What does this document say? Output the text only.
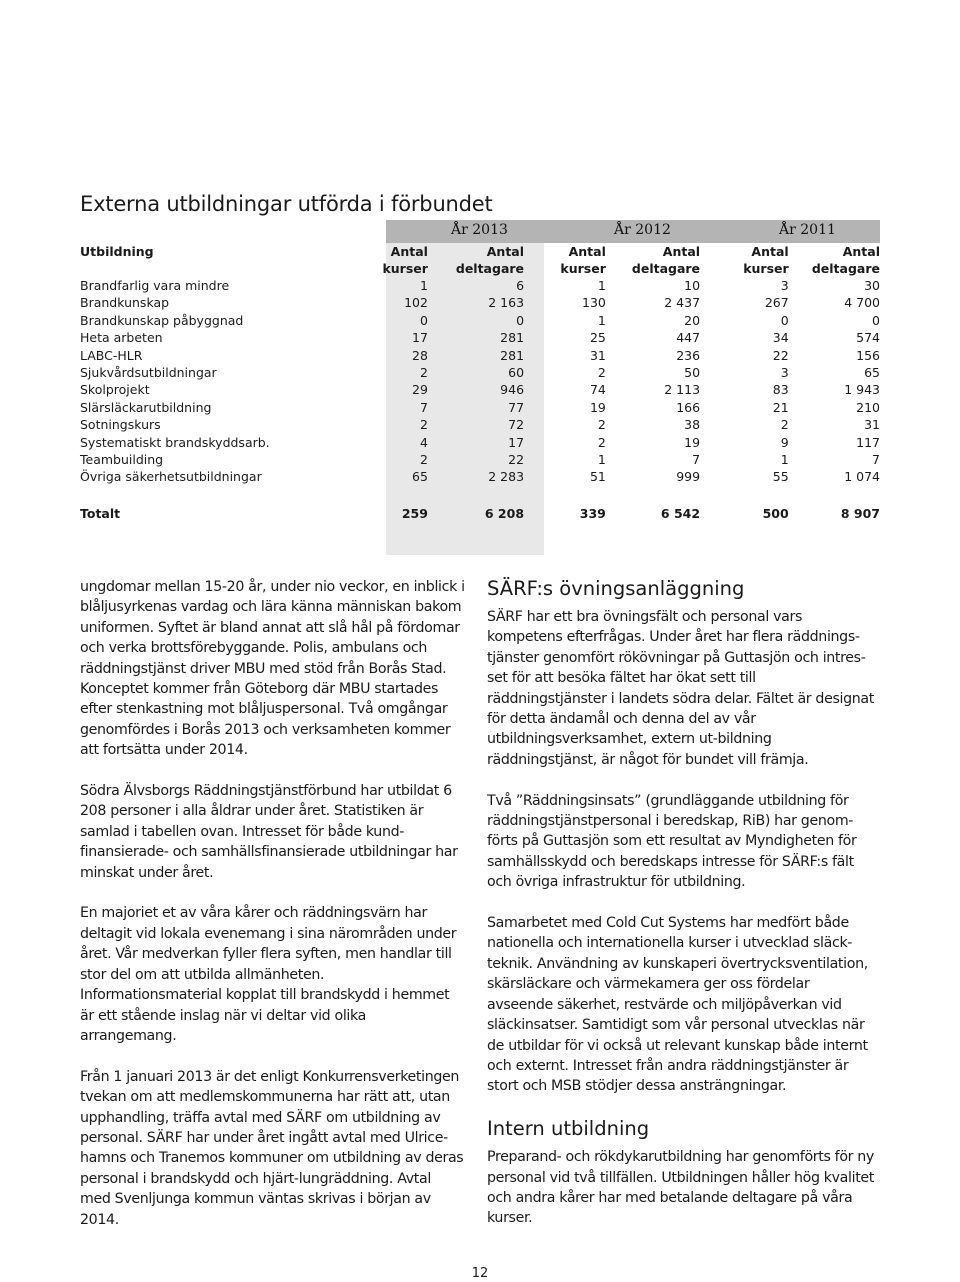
Externa utbildningar utförda i förbundet
År 2013	År 2012	År 2011
Utbildning	Antal	Antal	Antal	Antal	Antal	Antal
	kurser	deltagare	kurser	deltagare	kurser	deltagare
Brandfarlig vara mindre	1	6	1	10	3	30
Brandkunskap	102	2 163	130	2 437	267	4 700
Brandkunskap påbyggnad	0	0	1	20	0	0
Heta arbeten	17	281	25	447	34	574
LABC-HLR	28	281	31	236	22	156
Sjukvårdsutbildningar	2	60	2	50	3	65
Skolprojekt	29	946	74	2 113	83	1 943
Slärsläckarutbildning	7	77	19	166	21	210
Sotningskurs	2	72	2	38	2	31
Systematiskt brandskyddsarb.	4	17	2	19	9	117
Teambuilding	2	22	1	7	1	7
Övriga säkerhetsutbildningar	65	2 283	51	999	55	1 074

Totalt	259	6 208	339	6 542	500	8 907

ungdomar mellan 15-20 år, under nio veckor, en inblick i blåljusyrkenas vardag och lära känna människan bakom uniformen. Syftet är bland annat att slå hål på fördomar och verka brottsförebyggande. Polis, ambulans och räddningstjänst driver MBU med stöd från Borås Stad. Konceptet kommer från Göteborg där MBU startades efter stenkastning mot blåljuspersonal. Två omgångar genomfördes i Borås 2013 och verksamheten kommer att fortsätta under 2014.

Södra Älvsborgs Räddningstjänstförbund har utbildat 6 208 personer i alla åldrar under året. Statistiken är samlad i tabellen ovan. Intresset för både kund-finansierade- och samhällsfinansierade utbildningar har minskat under året.

En majoriet et av våra kårer och räddningsvärn har deltagit vid lokala evenemang i sina närområden under året. Vår medverkan fyller flera syften, men handlar till stor del om att utbilda allmänheten. Informationsmaterial kopplat till brandskydd i hemmet är ett stående inslag när vi deltar vid olika arrangemang.

Från 1 januari 2013 är det enligt Konkurrensverketingen tvekan om att medlemskommunerna har rätt att, utan upphandling, träffa avtal med SÄRF om utbildning av personal. SÄRF har under året ingått avtal med Ulrice-hamns och Tranemos kommuner om utbildning av deras personal i brandskydd och hjärt-lungräddning. Avtal med Svenljunga kommun väntas skrivas i början av 2014.

SÄRF:s övningsanläggning

SÄRF har ett bra övningsfält och personal vars kompetens efterfrågas. Under året har flera räddnings-tjänster genomfört rökövningar på Guttasjön och intres-set för att besöka fältet har ökat sett till räddningstjänster i landets södra delar. Fältet är designat för detta ändamål och denna del av vår utbildningsverksamhet, extern ut-bildning räddningstjänst, är något för bundet vill främja.

Två ”Räddningsinsats” (grundläggande utbildning för räddningstjänstpersonal i beredskap, RiB) har genom-förts på Guttasjön som ett resultat av Myndigheten för samhällsskydd och beredskaps intresse för SÄRF:s fält och övriga infrastruktur för utbildning.

Samarbetet med Cold Cut Systems har medfört både nationella och internationella kurser i utvecklad släck-teknik. Användning av kunskaperi övertrycksventilation, skärsläckare och värmekamera ger oss fördelar avseende säkerhet, restvärde och miljöpåverkan vid släckinsatser. Samtidigt som vår personal utvecklas när de utbildar för vi också ut relevant kunskap både internt och externt. Intresset från andra räddningstjänster är stort och MSB stödjer dessa ansträngningar.

Intern utbildning

Preparand- och rökdykarutbildning har genomförts för ny personal vid två tillfällen. Utbildningen håller hög kvalitet och andra kårer har med betalande deltagare på våra kurser.

12
